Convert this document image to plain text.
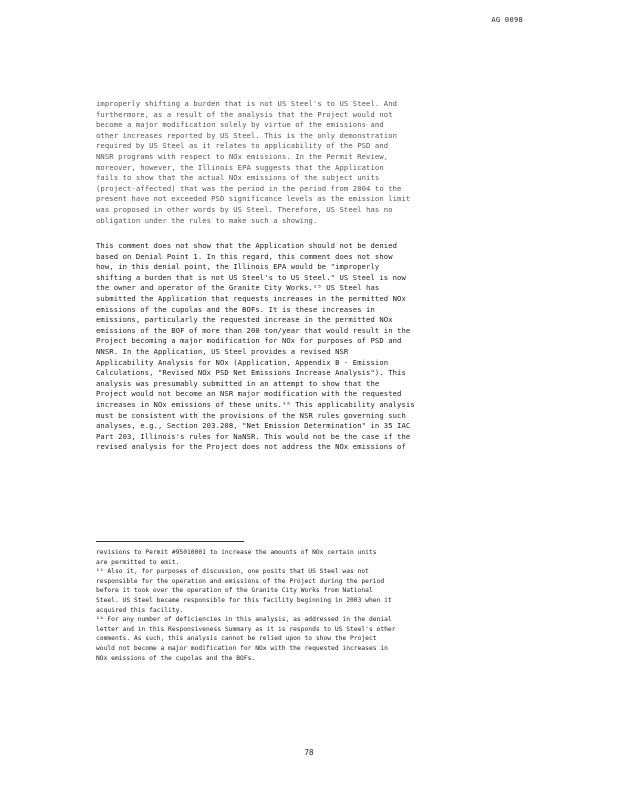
AG 0098

improperly shifting a burden that is not US Steel's to US Steel. And
furthermore, as a result of the analysis that the Project would not
become a major modification solely by virtue of the emissions and
other increases reported by US Steel. This is the only demonstration
required by US Steel as it relates to applicability of the PSD and
NNSR programs with respect to NOx emissions. In the Permit Review,
moreover, however, the Illinois EPA suggests that the Application
fails to show that the actual NOx emissions of the subject units
(project-affected) that was the period in the period from 2004 to the
present have not exceeded PSD significance levels as the emission limit
was proposed in other words by US Steel. Therefore, US Steel has no
obligation under the rules to make such a showing.

This comment does not show that the Application should not be denied
based on Denial Point 1. In this regard, this comment does not show
how, in this denial point, the Illinois EPA would be "improperly
shifting a burden that is not US Steel's to US Steel." US Steel is now
the owner and operator of the Granite City Works.¹⁵ US Steel has
submitted the Application that requests increases in the permitted NOx
emissions of the cupolas and the BOFs. It is these increases in
emissions, particularly the requested increase in the permitted NOx
emissions of the BOF of more than 200 ton/year that would result in the
Project becoming a major modification for NOx for purposes of PSD and
NNSR. In the Application, US Steel provides a revised NSR
Applicability Analysis for NOx (Application, Appendix B - Emission
Calculations, "Revised NOx PSD Net Emissions Increase Analysis"). This
analysis was presumably submitted in an attempt to show that the
Project would not become an NSR major modification with the requested
increases in NOx emissions of these units.¹⁶ This applicability analysis
must be consistent with the provisions of the NSR rules governing such
analyses, e.g., Section 203.208, "Net Emission Determination" in 35 IAC
Part 203, Illinois's rules for NaNSR. This would not be the case if the
revised analysis for the Project does not address the NOx emissions of

revisions to Permit #95010001 to increase the amounts of NOx certain units
are permitted to emit.

¹⁵ Also it, for purposes of discussion, one posits that US Steel was not
responsible for the operation and emissions of the Project during the period
before it took over the operation of the Granite City Works from National
Steel. US Steel became responsible for this facility beginning in 2003 when it
acquired this facility.

¹⁶ For any number of deficiencies in this analysis, as addressed in the denial
letter and in this Responsiveness Summary as it is responds to US Steel's other
comments. As such, this analysis cannot be relied upon to show the Project
would not become a major modification for NOx with the requested increases in
NOx emissions of the cupolas and the BOFs.

78
